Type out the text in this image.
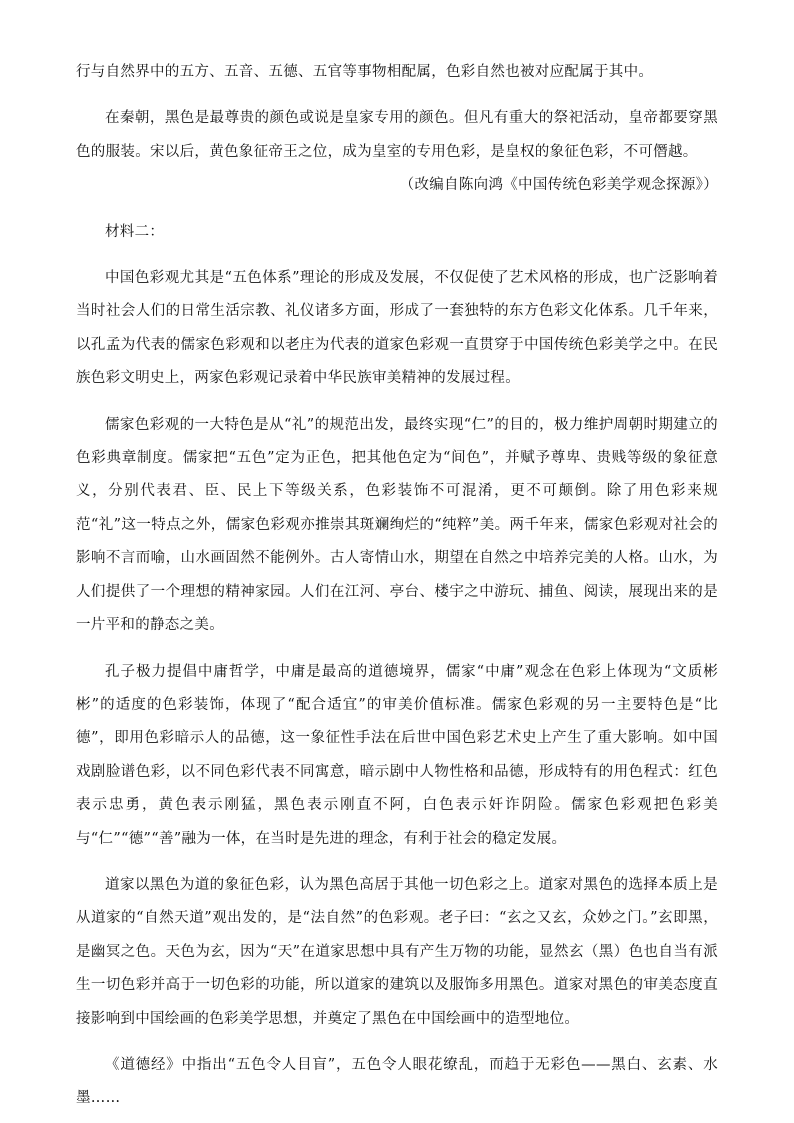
行与自然界中的五方、五音、五德、五官等事物相配属，色彩自然也被对应配属于其中。

在秦朝，黑色是最尊贵的颜色或说是皇家专用的颜色。但凡有重大的祭祀活动，皇帝都要穿黑色的服装。宋以后，黄色象征帝王之位，成为皇室的专用色彩，是皇权的象征色彩，不可僭越。

（改编自陈向鸿《中国传统色彩美学观念探源》）

材料二：

中国色彩观尤其是“五色体系”理论的形成及发展，不仅促使了艺术风格的形成，也广泛影响着当时社会人们的日常生活宗教、礼仪诸多方面，形成了一套独特的东方色彩文化体系。几千年来，以孔孟为代表的儒家色彩观和以老庄为代表的道家色彩观一直贯穿于中国传统色彩美学之中。在民族色彩文明史上，两家色彩观记录着中华民族审美精神的发展过程。

儒家色彩观的一大特色是从“礼”的规范出发，最终实现“仁”的目的，极力维护周朝时期建立的色彩典章制度。儒家把“五色”定为正色，把其他色定为“间色”，并赋予尊卑、贵贱等级的象征意义，分别代表君、臣、民上下等级关系，色彩装饰不可混淆，更不可颠倒。除了用色彩来规范“礼”这一特点之外，儒家色彩观亦推崇其斑斓绚烂的“纯粹”美。两千年来，儒家色彩观对社会的影响不言而喻，山水画固然不能例外。古人寄情山水，期望在自然之中培养完美的人格。山水，为人们提供了一个理想的精神家园。人们在江河、亭台、楼宇之中游玩、捕鱼、阅读，展现出来的是一片平和的静态之美。

孔子极力提倡中庸哲学，中庸是最高的道德境界，儒家“中庸”观念在色彩上体现为“文质彬彬”的适度的色彩装饰，体现了“配合适宜”的审美价值标准。儒家色彩观的另一主要特色是“比德”，即用色彩暗示人的品德，这一象征性手法在后世中国色彩艺术史上产生了重大影响。如中国戏剧脸谱色彩，以不同色彩代表不同寓意，暗示剧中人物性格和品德，形成特有的用色程式：红色表示忠勇，黄色表示刚猛，黑色表示刚直不阿，白色表示奸诈阴险。儒家色彩观把色彩美与“仁”“德”“善”融为一体，在当时是先进的理念，有利于社会的稳定发展。

道家以黑色为道的象征色彩，认为黑色高居于其他一切色彩之上。道家对黑色的选择本质上是从道家的“自然天道”观出发的，是“法自然”的色彩观。老子曰：“玄之又玄，众妙之门。”玄即黑，是幽冥之色。天色为玄，因为“天”在道家思想中具有产生万物的功能，显然玄（黑）色也自当有派生一切色彩并高于一切色彩的功能，所以道家的建筑以及服饰多用黑色。道家对黑色的审美态度直接影响到中国绘画的色彩美学思想，并奠定了黑色在中国绘画中的造型地位。

《道德经》中指出“五色令人目盲”，五色令人眼花缭乱，而趋于无彩色——黑白、玄素、水墨……
